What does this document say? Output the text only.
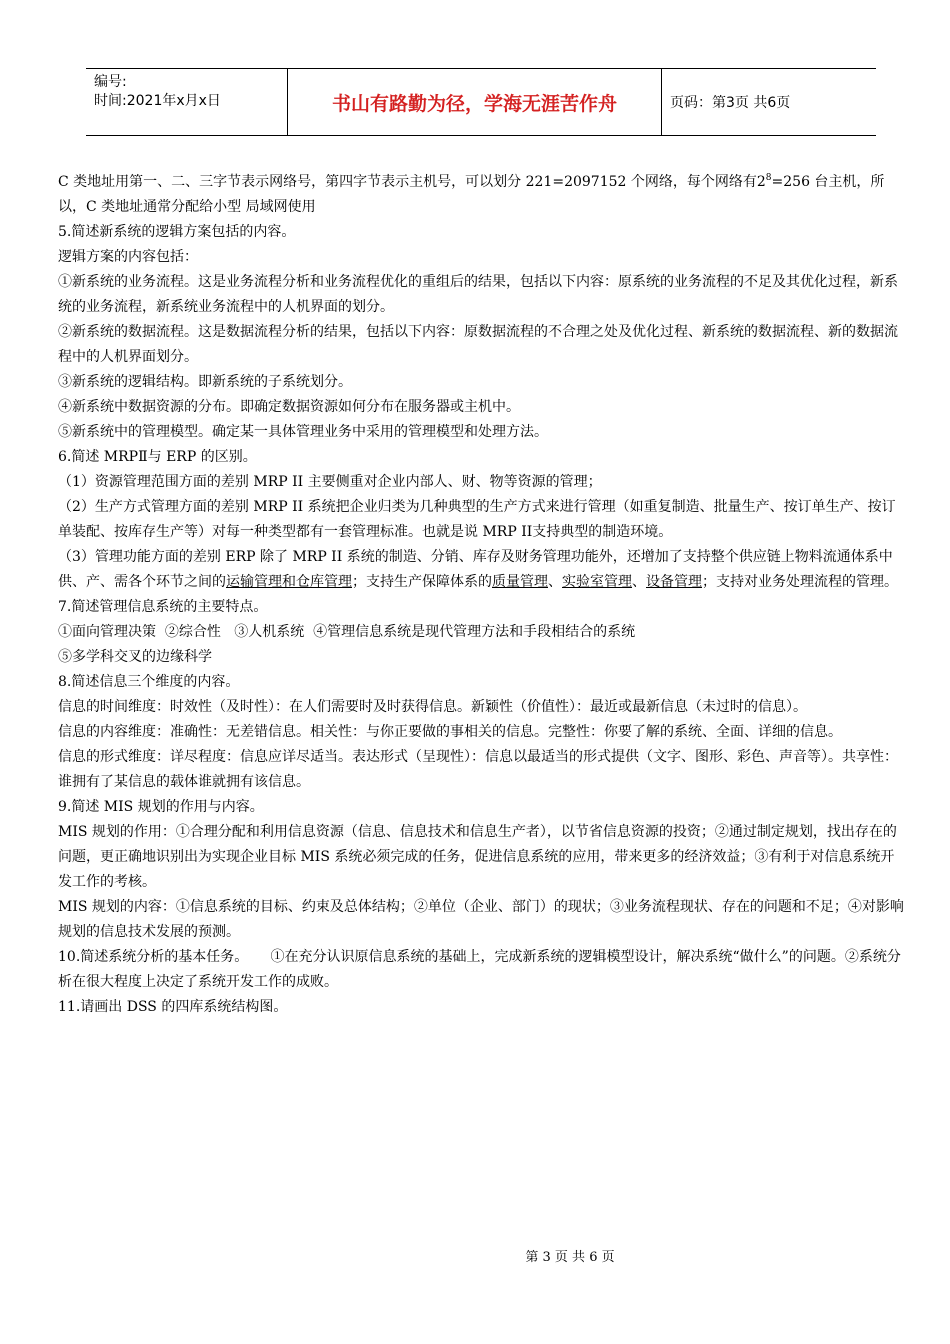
编号:
时间:2021年x月x日	书山有路勤为径，学海无涯苦作舟	页码：第3页 共6页

C 类地址用第一、二、三字节表示网络号，第四字节表示主机号，可以划分 221=2097152 个网络，每个网络有$2^8=256$ 台主机，所以，C 类地址通常分配给小型 局域网使用

5.简述新系统的逻辑方案包括的内容。

逻辑方案的内容包括：

①新系统的业务流程。这是业务流程分析和业务流程优化的重组后的结果，包括以下内容：原系统的业务流程的不足及其优化过程，新系统的业务流程，新系统业务流程中的人机界面的划分。

②新系统的数据流程。这是数据流程分析的结果，包括以下内容：原数据流程的不合理之处及优化过程、新系统的数据流程、新的数据流程中的人机界面划分。

③新系统的逻辑结构。即新系统的子系统划分。

④新系统中数据资源的分布。即确定数据资源如何分布在服务器或主机中。

⑤新系统中的管理模型。确定某一具体管理业务中采用的管理模型和处理方法。

6.简述 MRPⅡ与 ERP 的区别。

（1）资源管理范围方面的差别 MRP II 主要侧重对企业内部人、财、物等资源的管理；

（2）生产方式管理方面的差别 MRP II 系统把企业归类为几种典型的生产方式来进行管理（如重复制造、批量生产、按订单生产、按订单装配、按库存生产等）对每一种类型都有一套管理标准。也就是说 MRP II支持典型的制造环境。

（3）管理功能方面的差别 ERP 除了 MRP II 系统的制造、分销、库存及财务管理功能外，还增加了支持整个供应链上物料流通体系中供、产、需各个环节之间的运输管理和仓库管理；支持生产保障体系的质量管理、实验室管理、设备管理；支持对业务处理流程的管理。

7.简述管理信息系统的主要特点。

①面向管理决策  ②综合性   ③人机系统  ④管理信息系统是现代管理方法和手段相结合的系统

⑤多学科交叉的边缘科学

8.简述信息三个维度的内容。

信息的时间维度：时效性（及时性）：在人们需要时及时获得信息。新颖性（价值性）：最近或最新信息（未过时的信息）。

信息的内容维度：准确性：无差错信息。相关性：与你正要做的事相关的信息。完整性：你要了解的系统、全面、详细的信息。

信息的形式维度：详尽程度：信息应详尽适当。表达形式（呈现性）：信息以最适当的形式提供（文字、图形、彩色、声音等）。共享性：谁拥有了某信息的载体谁就拥有该信息。

9.简述 MIS 规划的作用与内容。

MIS 规划的作用：①合理分配和利用信息资源（信息、信息技术和信息生产者），以节省信息资源的投资；②通过制定规划，找出存在的问题，更正确地识别出为实现企业目标 MIS 系统必须完成的任务，促进信息系统的应用，带来更多的经济效益；③有利于对信息系统开发工作的考核。

MIS 规划的内容：①信息系统的目标、约束及总体结构；②单位（企业、部门）的现状；③业务流程现状、存在的问题和不足；④对影响规划的信息技术发展的预测。

10.简述系统分析的基本任务。     ①在充分认识原信息系统的基础上，完成新系统的逻辑模型设计，解决系统“做什么”的问题。②系统分析在很大程度上决定了系统开发工作的成败。

11.请画出 DSS 的四库系统结构图。

第 3 页 共 6 页
